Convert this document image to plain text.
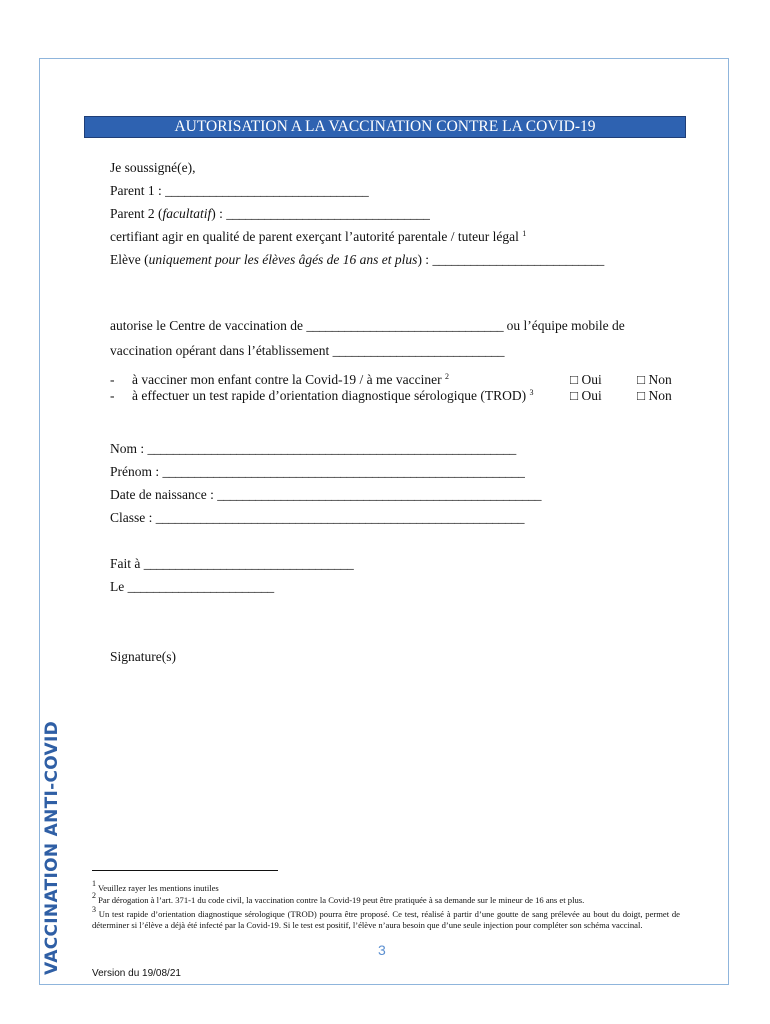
VACCINATION ANTI-COVID
AUTORISATION A LA VACCINATION CONTRE LA COVID-19
Je soussigné(e),
Parent 1 : ________________________________
Parent 2 (facultatif) : ________________________________
certifiant agir en qualité de parent exerçant l’autorité parentale / tuteur légal $^1$
Elève (uniquement pour les élèves âgés de 16 ans et plus) : ___________________________
autorise le Centre de vaccination de _______________________________ ou l’équipe mobile de
vaccination opérant dans l’établissement ___________________________
- à vacciner mon enfant contre la Covid-19 / à me vacciner $^2$	□ Oui	□ Non
- à effectuer un test rapide d’orientation diagnostique sérologique (TROD) $^3$	□ Oui	□ Non
Nom : __________________________________________________________
Prénom : _________________________________________________________
Date de naissance : ___________________________________________________
Classe : __________________________________________________________
Fait à _________________________________
Le _______________________
Signature(s)
$^1$ Veuillez rayer les mentions inutiles
$^2$ Par dérogation à l’art. 371-1 du code civil, la vaccination contre la Covid-19 peut être pratiquée à sa demande sur le mineur de 16 ans et plus.
$^3$ Un test rapide d’orientation diagnostique sérologique (TROD) pourra être proposé. Ce test, réalisé à partir d’une goutte de sang prélevée au bout du doigt, permet de déterminer si l’élève a déjà été infecté par la Covid-19. Si le test est positif, l’élève n’aura besoin que d’une seule injection pour compléter son schéma vaccinal.
3
Version du 19/08/21
